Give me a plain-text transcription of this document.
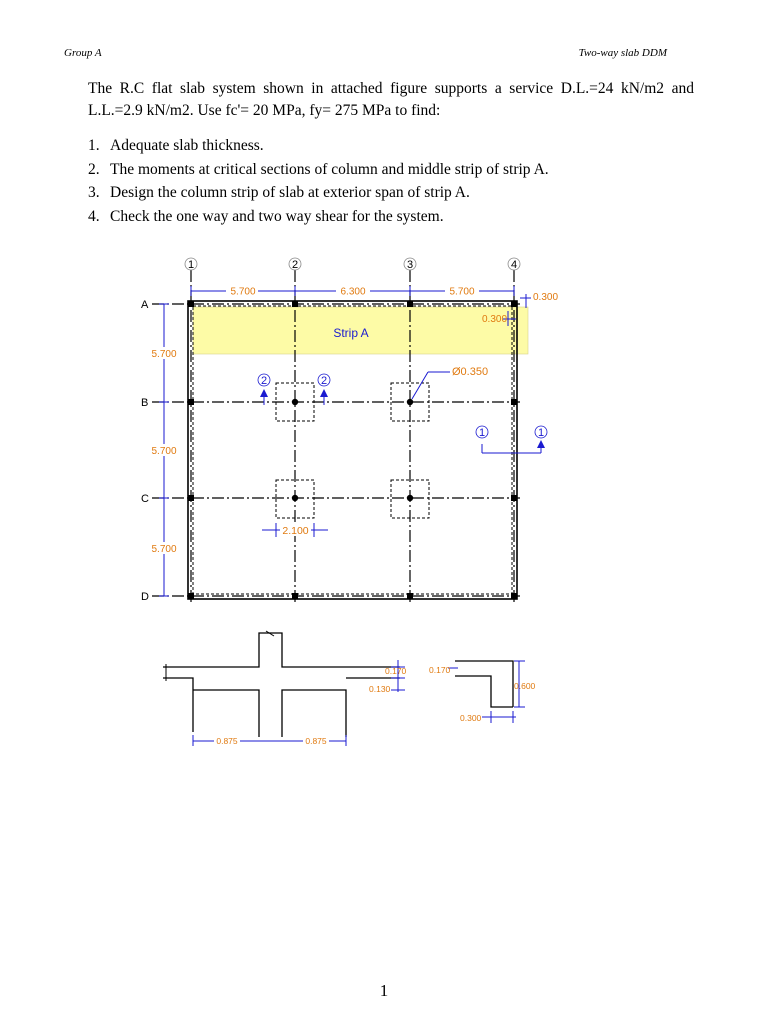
Group A	Two-way slab DDM

The R.C flat slab system shown in attached figure supports a service D.L.=24 kN/m2 and L.L.=2.9 kN/m2. Use fc'= 20 MPa, fy= 275 MPa to find:

1. Adequate slab thickness.
2. The moments at critical sections of column and middle strip of strip A.
3. Design the column strip of slab at exterior span of strip A.
4. Check the one way and two way shear for the system.
1	2	3	4
A
B
C
D
5.700	6.300	5.700
5.700
5.700
5.700
0.300
0.300
Strip A
Ø0.350
2	2
1	1
2.100
0.170
0.130
0.875	0.875
0.600
0.170
0.300
1
